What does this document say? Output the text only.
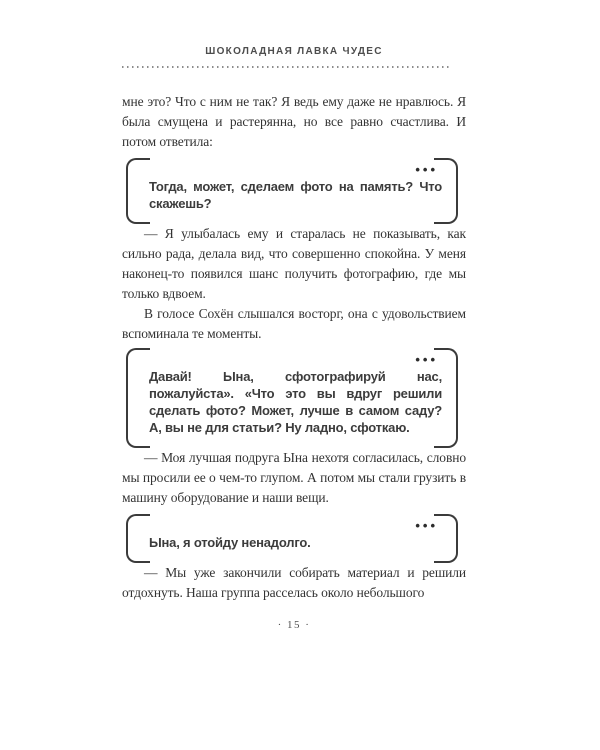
ШОКОЛАДНАЯ ЛАВКА ЧУДЕС

мне это? Что с ним не так? Я ведь ему даже не нравлюсь. Я была смущена и растерянна, но все равно счастлива. И потом ответила:

•••

Тогда, может, сделаем фото на память? Что скажешь?

— Я улыбалась ему и старалась не показывать, как сильно рада, делала вид, что совершенно спокойна. У меня наконец-то появился шанс получить фотографию, где мы только вдвоем.

В голосе Сохён слышался восторг, она с удовольствием вспоминала те моменты.

•••

Давай! Ына, сфотографируй нас, пожалуйста». «Что это вы вдруг решили сделать фото? Может, лучше в самом саду? А, вы не для статьи? Ну ладно, сфоткаю.

— Моя лучшая подруга Ына нехотя согласилась, словно мы просили ее о чем-то глупом. А потом мы стали грузить в машину оборудование и наши вещи.

•••

Ына, я отойду ненадолго.

— Мы уже закончили собирать материал и решили отдохнуть. Наша группа расселась около небольшого

· 15 ·
